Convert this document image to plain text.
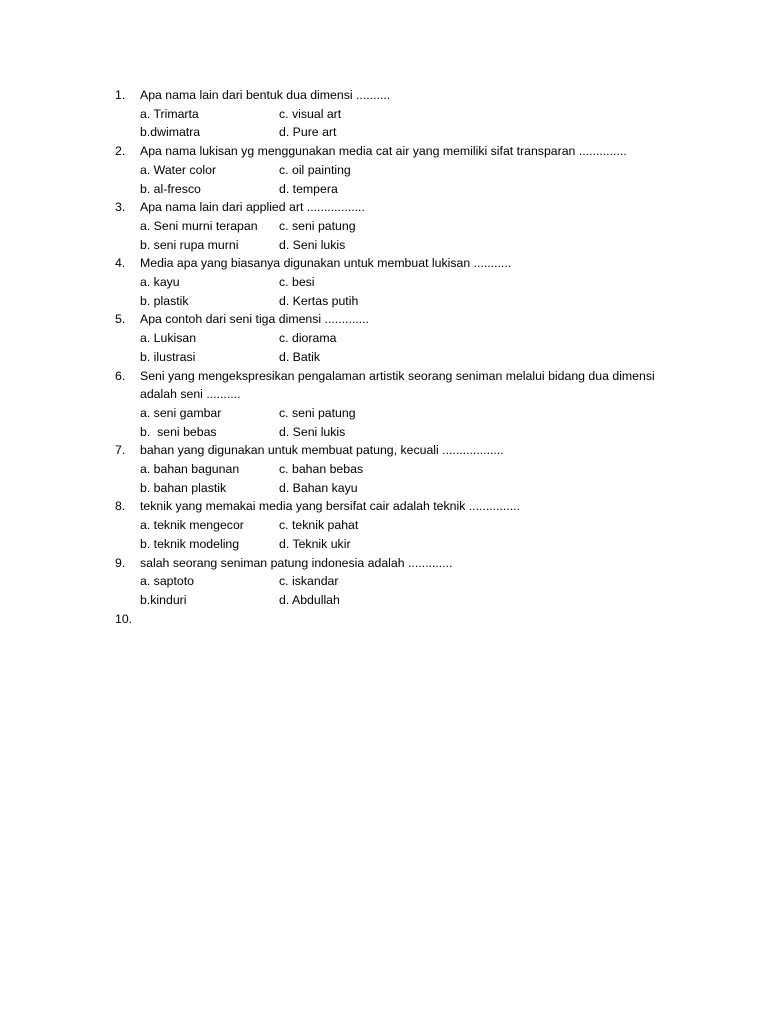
1.	Apa nama lain dari bentuk dua dimensi ..........
a. Trimarta	c. visual art
b.dwimatra	d. Pure art
2.	Apa nama lukisan yg menggunakan media cat air yang memiliki sifat transparan ..............
a. Water color	c. oil painting
b. al-fresco	d. tempera
3.	Apa nama lain dari applied art .................
a. Seni murni terapan	c. seni patung
b. seni rupa murni	d. Seni lukis
4.	Media apa yang biasanya digunakan untuk membuat lukisan ...........
a. kayu	c. besi
b. plastik	d. Kertas putih
5.	Apa contoh dari seni tiga dimensi .............
a. Lukisan	c. diorama
b. ilustrasi	d. Batik
6.	Seni yang mengekspresikan pengalaman artistik seorang seniman melalui bidang dua dimensi adalah seni ..........
a. seni gambar	c. seni patung
b.  seni bebas	d. Seni lukis
7.	bahan yang digunakan untuk membuat patung, kecuali ..................
a. bahan bagunan	c. bahan bebas
b. bahan plastik	d. Bahan kayu
8.	teknik yang memakai media yang bersifat cair adalah teknik ...............
a. teknik mengecor	c. teknik pahat
b. teknik modeling	d. Teknik ukir
9.	salah seorang seniman patung indonesia adalah .............
a. saptoto	c. iskandar
b.kinduri	d. Abdullah
10.
